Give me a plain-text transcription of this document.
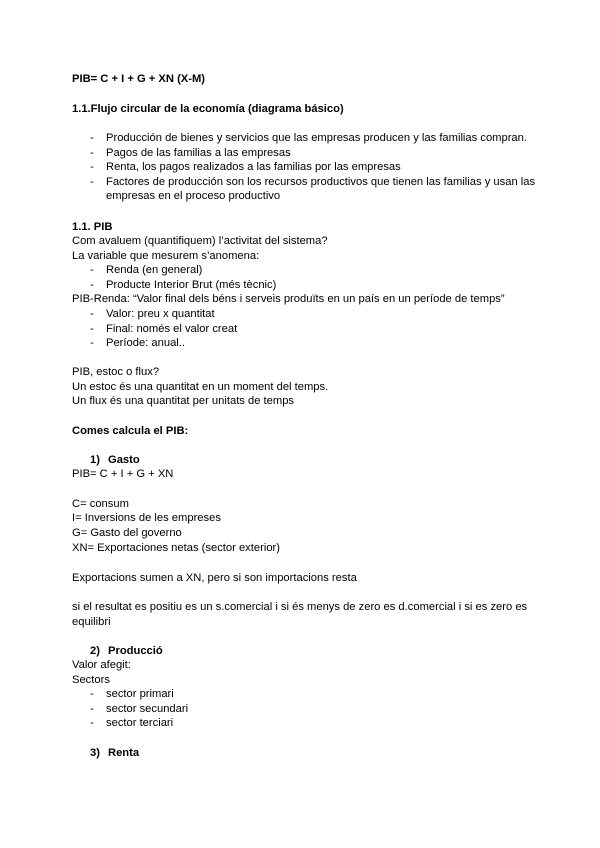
PIB= C + I + G + XN (X-M)
1.1.Flujo circular de la economía (diagrama básico)
- Producción de bienes y servicios que las empresas producen y las familias compran.
- Pagos de las familias a las empresas
- Renta, los pagos realizados a las familias por las empresas
- Factores de producción son los recursos productivos que tienen las familias y usan las empresas en el proceso productivo
1.1. PIB
Com avaluem (quantifiquem) l’activitat del sistema?
La variable que mesurem s’anomena:
- Renda (en general)
- Producte Interior Brut (més tècnic)
PIB-Renda: “Valor final dels béns i serveis produïts en un país en un període de temps”
- Valor: preu x quantitat
- Final: només el valor creat
- Període: anual..
PIB, estoc o flux?
Un estoc és una quantitat en un moment del temps.
Un flux és una quantitat per unitats de temps
Comes calcula el PIB:
1) Gasto
PIB= C + I + G + XN
C= consum
I= Inversions de les empreses
G= Gasto del governo
XN= Exportaciones netas (sector exterior)
Exportacions sumen a XN, pero si son importacions resta
si el resultat es positiu es un s.comercial i si és menys de zero es d.comercial i si es zero es equilibri
2) Producció
Valor afegit:
Sectors
- sector primari
- sector secundari
- sector terciari
3) Renta
